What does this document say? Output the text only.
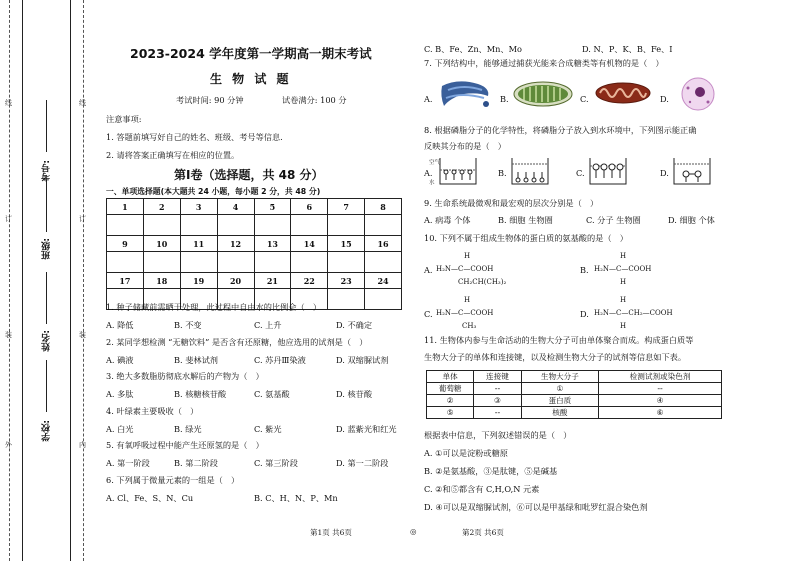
线
订
装
外
线
订
装
内
学校:
姓名:
班级:
考号:
2023-2024 学年度第一学期高一期末考试
生 物 试 题
考试时间: 90 分钟	试卷满分: 100 分
注意事项:
1. 答题前填写好自己的姓名、班级、考号等信息.
2. 请将答案正确填写在相应的位置。
第Ⅰ卷（选择题，共 48 分）
一、单项选择题(本大题共 24 小题，每小题 2 分，共 48 分)
1	2	3	4	5	6	7	8

9	10	11	12	13	14	15	16

17	18	19	20	21	22	23	24

1. 种子储藏前需晒干处理，此过程中自由水的比例会（　）
A. 降低	B. 不变	C. 上升	D. 不确定
2. 某同学想检测 “无糖饮料” 是否含有还原糖，他应选用的试剂是（　）
A. 碘液	B. 斐林试剂	C. 苏丹Ⅲ染液	D. 双缩脲试剂
3. 绝大多数脂肪彻底水解后的产物为（　）
A. 多肽	B. 核糖核苷酸	C. 氨基酸	D. 核苷酸
4. 叶绿素主要吸收（　）
A. 白光	B. 绿光	C. 紫光	D. 蓝紫光和红光
5. 有氧呼吸过程中能产生还原氢的是（　）
A. 第一阶段	B. 第二阶段	C. 第三阶段	D. 第一二阶段
6. 下列属于微量元素的一组是（　）
A. Cl、Fe、S、N、Cu	B. C、H、N、P、Mn
C. B、Fe、Zn、Mn、Mo	D. N、P、K、B、Fe、I
7. 下列结构中，能够通过捕获光能来合成糖类等有机物的是（　）
A.	B.	C.	D.
8. 根据磷脂分子的化学特性，将磷脂分子放入到水环境中，下列图示能正确
反映其分布的是（　）
A.	B.	C.	D.
空气
水
9. 生命系统最微观和最宏观的层次分别是（　）
A. 病毒 个体	B. 细胞 生物圈	C. 分子 生物圈	D. 细胞 个体
10. 下列不属于组成生物体的蛋白质的氨基酸的是（　）
A.
H
H₂N—C—COOH
CH₂CH(CH₃)₂
B.
H
H₂N—C—COOH
H
C.
H
H₂N—C—COOH
CH₃
D.
H
H₂N—C—CH₂—COOH
H
11. 生物体内参与生命活动的生物大分子可由单体聚合而成。构成蛋白质等
生物大分子的单体和连接键，以及检测生物大分子的试剂等信息如下表。
单体	连接键	生物大分子	检测试剂或染色剂
葡萄糖	--	①	--
②	③	蛋白质	④
⑤	--	核酸	⑥
根据表中信息，下列叙述错误的是（　）
A. ①可以是淀粉或糖原
B. ②是氨基酸，③是肽键，⑤是碱基
C. ②和⑤都含有 C,H,O,N 元素
D. ④可以是双缩脲试剂，⑥可以是甲基绿和吡罗红混合染色剂
第1页 共6页	◎	第2页 共6页
